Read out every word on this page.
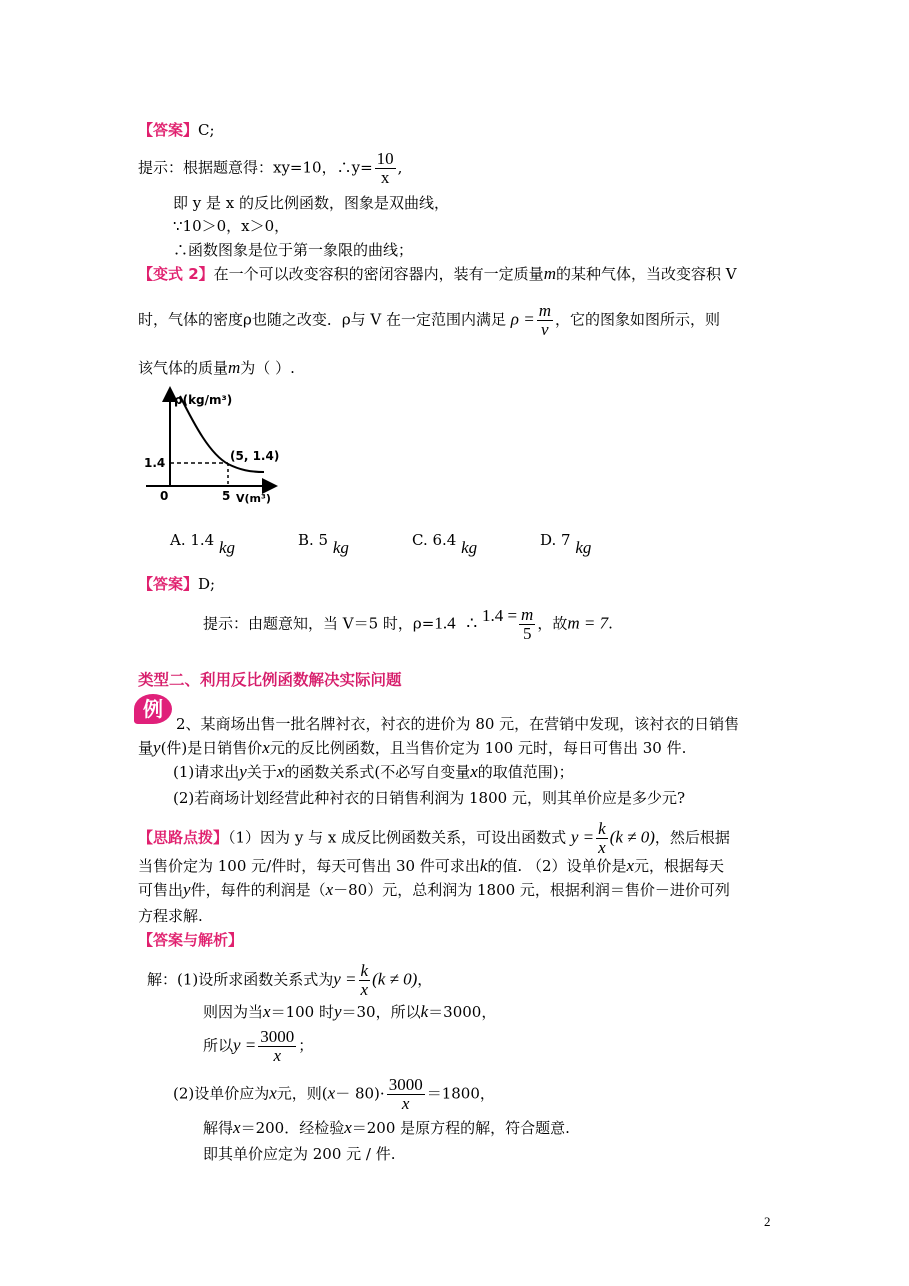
【答案】C;
提示：根据题意得：xy=10，∴y= $\frac{10}{x}$ ,
即 y 是 x 的反比例函数，图象是双曲线，
∵10＞0，x＞0，
∴函数图象是位于第一象限的曲线；
【变式 2】在一个可以改变容积的密闭容器内，装有一定质量m的某种气体，当改变容积 V
时，气体的密度ρ也随之改变．ρ与 V 在一定范围内满足 $\rho = \frac{m}{v}$ ，它的图象如图所示，则
该气体的质量m为（ ）.
ρ(kg/m³)
1.4	(5, 1.4)
0	5 V(m³)
A. 1.4 kg	B. 5 kg	C. 6.4 kg	D. 7 kg
【答案】D;
提示：由题意知，当 V＝5 时，ρ=1.4 ∴ $1.4 = \frac{m}{5}$ ，故m = 7.
类型二、利用反比例函数解决实际问题
例
2、某商场出售一批名牌衬衣，衬衣的进价为 80 元，在营销中发现，该衬衣的日销售
量y(件)是日销售价x元的反比例函数，且当售价定为 100 元时，每日可售出 30 件.
(1)请求出y关于x的函数关系式(不必写自变量x的取值范围)；
(2)若商场计划经营此种衬衣的日销售利润为 1800 元，则其单价应是多少元?
【思路点拨】（1）因为 y 与 x 成反比例函数关系，可设出函数式 $y = \frac{k}{x} (k \ne 0)$，然后根据
当售价定为 100 元/件时，每天可售出 30 件可求出k的值. （2）设单价是x元，根据每天
可售出y件，每件的利润是（x－80）元，总利润为 1800 元，根据利润＝售价－进价可列
方程求解.
【答案与解析】
解：(1)设所求函数关系式为$y = \frac{k}{x} (k \ne 0)$，
则因为当x＝100 时y＝30，所以k＝3000，
所以$y = \frac{3000}{x}$ ；
(2)设单价应为x元，则$(x- 80)\cdot \frac{3000}{x} =1800$，
解得x＝200．经检验x＝200 是原方程的解，符合题意.
即其单价应定为 200 元 / 件.
2
